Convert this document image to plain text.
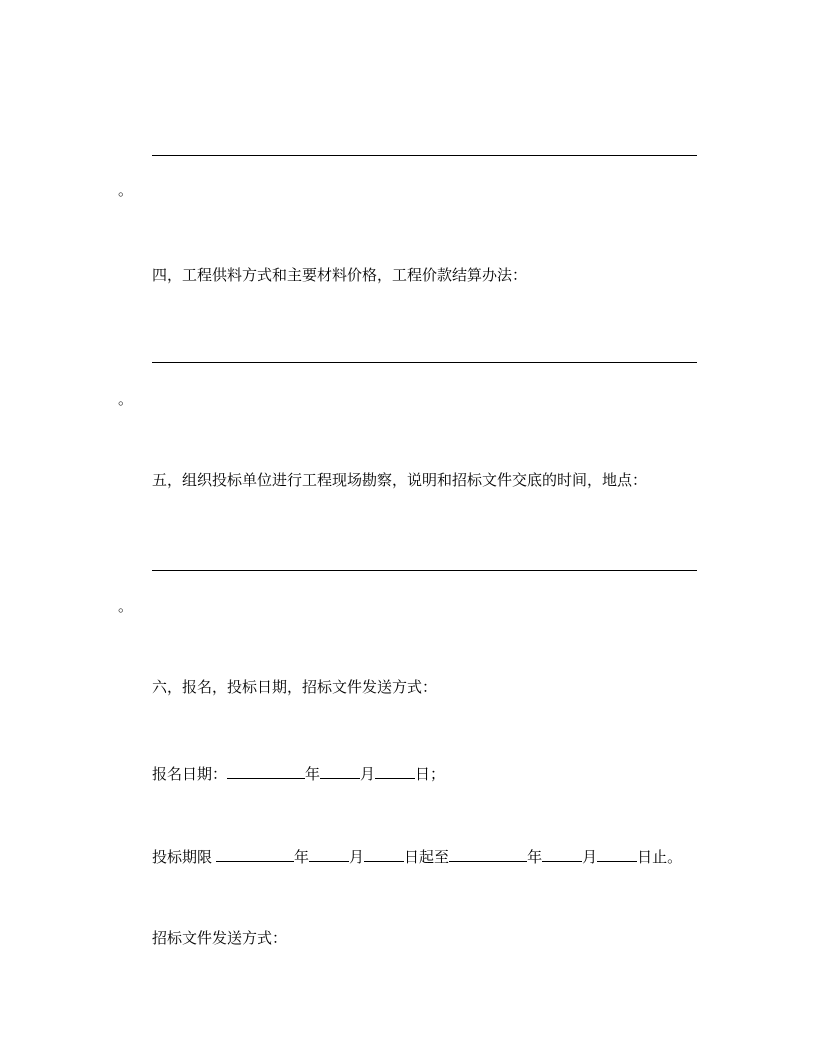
。
四，工程供料方式和主要材料价格，工程价款结算办法：
。
五，组织投标单位进行工程现场勘察，说明和招标文件交底的时间，地点：
。
六，报名，投标日期，招标文件发送方式：
报名日期：	年	月	日；
投标期限	年	月	日起至	年	月	日止。
招标文件发送方式：
